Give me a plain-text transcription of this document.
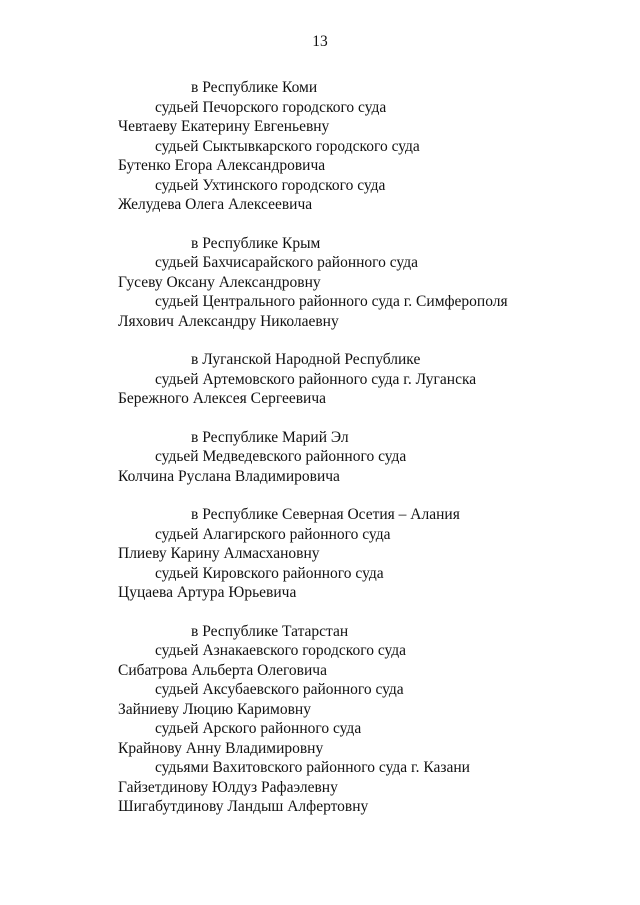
13
в Республике Коми
судьей Печорского городского суда
Чевтаеву Екатерину Евгеньевну
судьей Сыктывкарского городского суда
Бутенко Егора Александровича
судьей Ухтинского городского суда
Желудева Олега Алексеевича
в Республике Крым
судьей Бахчисарайского районного суда
Гусеву Оксану Александровну
судьей Центрального районного суда г. Симферополя
Ляхович Александру Николаевну
в Луганской Народной Республике
судьей Артемовского районного суда г. Луганска
Бережного Алексея Сергеевича
в Республике Марий Эл
судьей Медведевского районного суда
Колчина Руслана Владимировича
в Республике Северная Осетия – Алания
судьей Алагирского районного суда
Плиеву Карину Алмасхановну
судьей Кировского районного суда
Цуцаева Артура Юрьевича
в Республике Татарстан
судьей Азнакаевского городского суда
Сибатрова Альберта Олеговича
судьей Аксубаевского районного суда
Зайниеву Люцию Каримовну
судьей Арского районного суда
Крайнову Анну Владимировну
судьями Вахитовского районного суда г. Казани
Гайзетдинову Юлдуз Рафаэлевну
Шигабутдинову Ландыш Алфертовну
